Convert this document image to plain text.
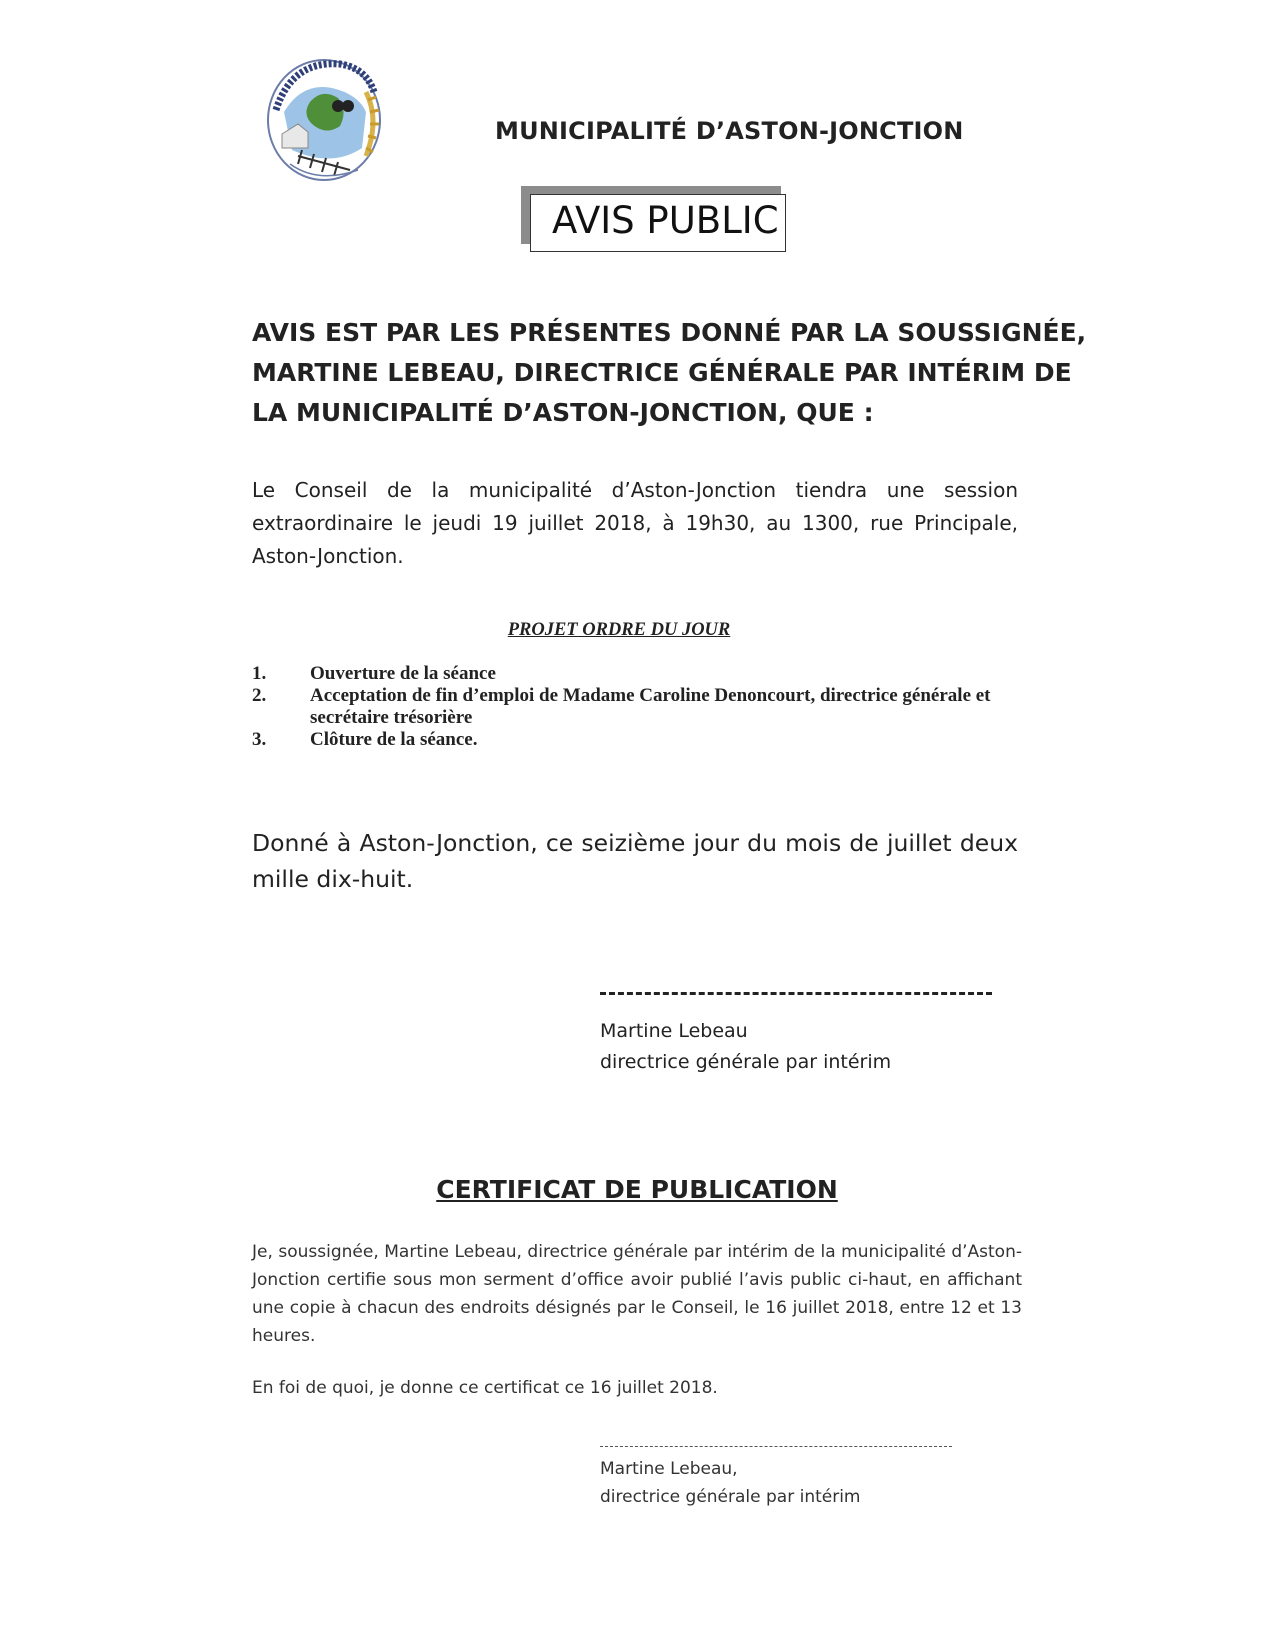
MUNICIPALITÉ D’ASTON-JONCTION
AVIS PUBLIC
AVIS EST PAR LES PRÉSENTES DONNÉ PAR LA SOUSSIGNÉE,
MARTINE LEBEAU, DIRECTRICE GÉNÉRALE PAR INTÉRIM DE
LA MUNICIPALITÉ D’ASTON-JONCTION, QUE :
Le Conseil de la municipalité d’Aston-Jonction tiendra une session extraordinaire le jeudi 19 juillet 2018, à 19h30, au 1300, rue Principale, Aston-Jonction.
PROJET ORDRE DU JOUR
1.	Ouverture de la séance
2.	Acceptation de fin d’emploi de Madame Caroline Denoncourt, directrice générale et secrétaire trésorière
3.	Clôture de la séance.
Donné à Aston-Jonction, ce seizième jour du mois de juillet deux mille dix-huit.
Martine Lebeau
directrice générale par intérim
CERTIFICAT DE PUBLICATION
Je, soussignée, Martine Lebeau, directrice générale par intérim de la municipalité d’Aston-Jonction certifie sous mon serment d’office avoir publié l’avis public ci-haut, en affichant une copie à chacun des endroits désignés par le Conseil, le 16 juillet 2018, entre 12 et 13 heures.
En foi de quoi, je donne ce certificat ce 16 juillet 2018.
Martine Lebeau,
directrice générale par intérim
